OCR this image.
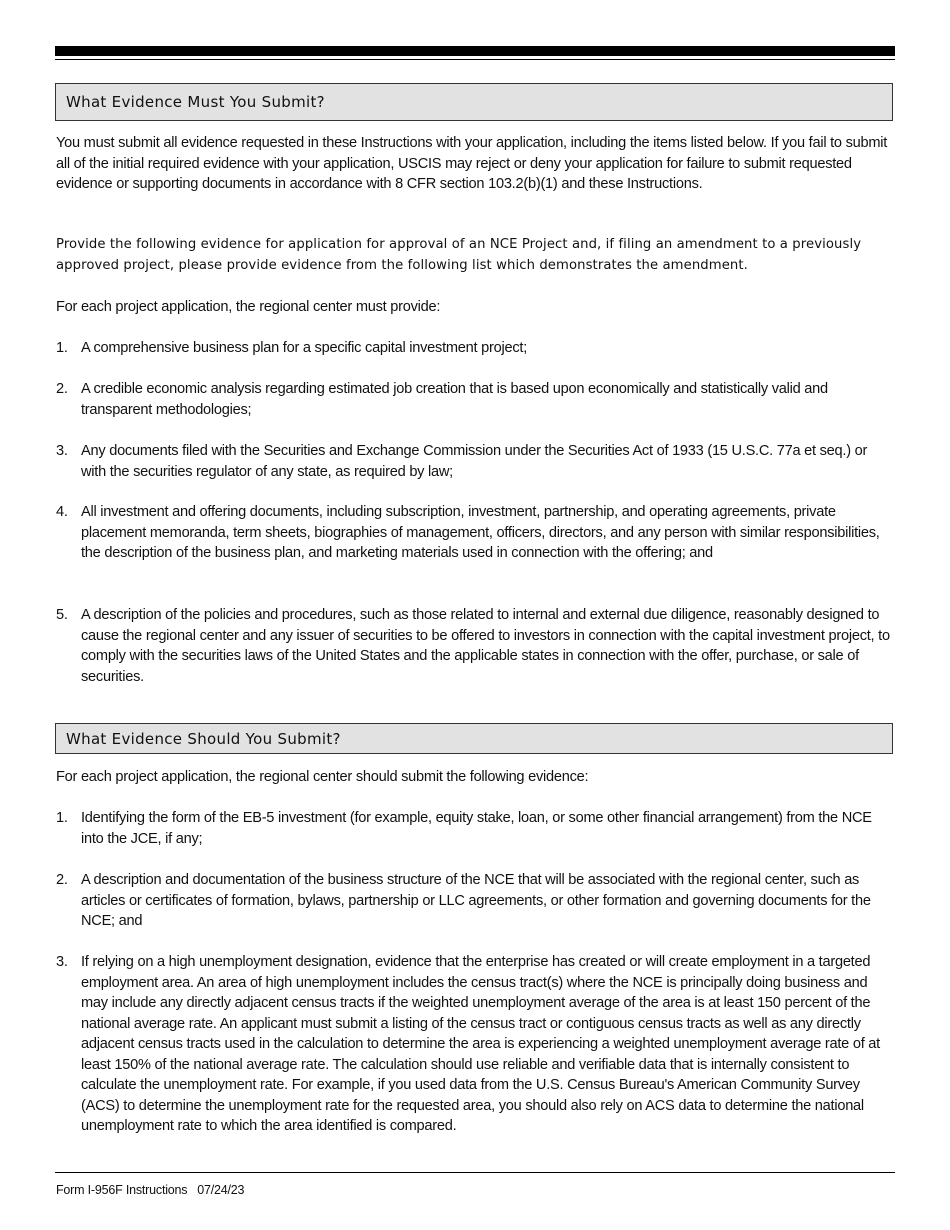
What Evidence Must You Submit?

You must submit all evidence requested in these Instructions with your application, including the items listed below. If you fail to submit all of the initial required evidence with your application, USCIS may reject or deny your application for failure to submit requested evidence or supporting documents in accordance with 8 CFR section 103.2(b)(1) and these Instructions.

Provide the following evidence for application for approval of an NCE Project and, if filing an amendment to a previously approved project, please provide evidence from the following list which demonstrates the amendment.

For each project application, the regional center must provide:

1. A comprehensive business plan for a specific capital investment project;
2. A credible economic analysis regarding estimated job creation that is based upon economically and statistically valid and transparent methodologies;
3. Any documents filed with the Securities and Exchange Commission under the Securities Act of 1933 (15 U.S.C. 77a et seq.) or with the securities regulator of any state, as required by law;
4. All investment and offering documents, including subscription, investment, partnership, and operating agreements, private placement memoranda, term sheets, biographies of management, officers, directors, and any person with similar responsibilities, the description of the business plan, and marketing materials used in connection with the offering; and
5. A description of the policies and procedures, such as those related to internal and external due diligence, reasonably designed to cause the regional center and any issuer of securities to be offered to investors in connection with the capital investment project, to comply with the securities laws of the United States and the applicable states in connection with the offer, purchase, or sale of securities.
What Evidence Should You Submit?

For each project application, the regional center should submit the following evidence:

1. Identifying the form of the EB-5 investment (for example, equity stake, loan, or some other financial arrangement) from the NCE into the JCE, if any;
2. A description and documentation of the business structure of the NCE that will be associated with the regional center, such as articles or certificates of formation, bylaws, partnership or LLC agreements, or other formation and governing documents for the NCE; and
3. If relying on a high unemployment designation, evidence that the enterprise has created or will create employment in a targeted employment area. An area of high unemployment includes the census tract(s) where the NCE is principally doing business and may include any directly adjacent census tracts if the weighted unemployment average of the area is at least 150 percent of the national average rate. An applicant must submit a listing of the census tract or contiguous census tracts as well as any directly adjacent census tracts used in the calculation to determine the area is experiencing a weighted unemployment average rate of at least 150% of the national average rate. The calculation should use reliable and verifiable data that is internally consistent to calculate the unemployment rate. For example, if you used data from the U.S. Census Bureau's American Community Survey (ACS) to determine the unemployment rate for the requested area, you should also rely on ACS data to determine the national unemployment rate to which the area identified is compared.
Form I-956F Instructions 07/24/23
